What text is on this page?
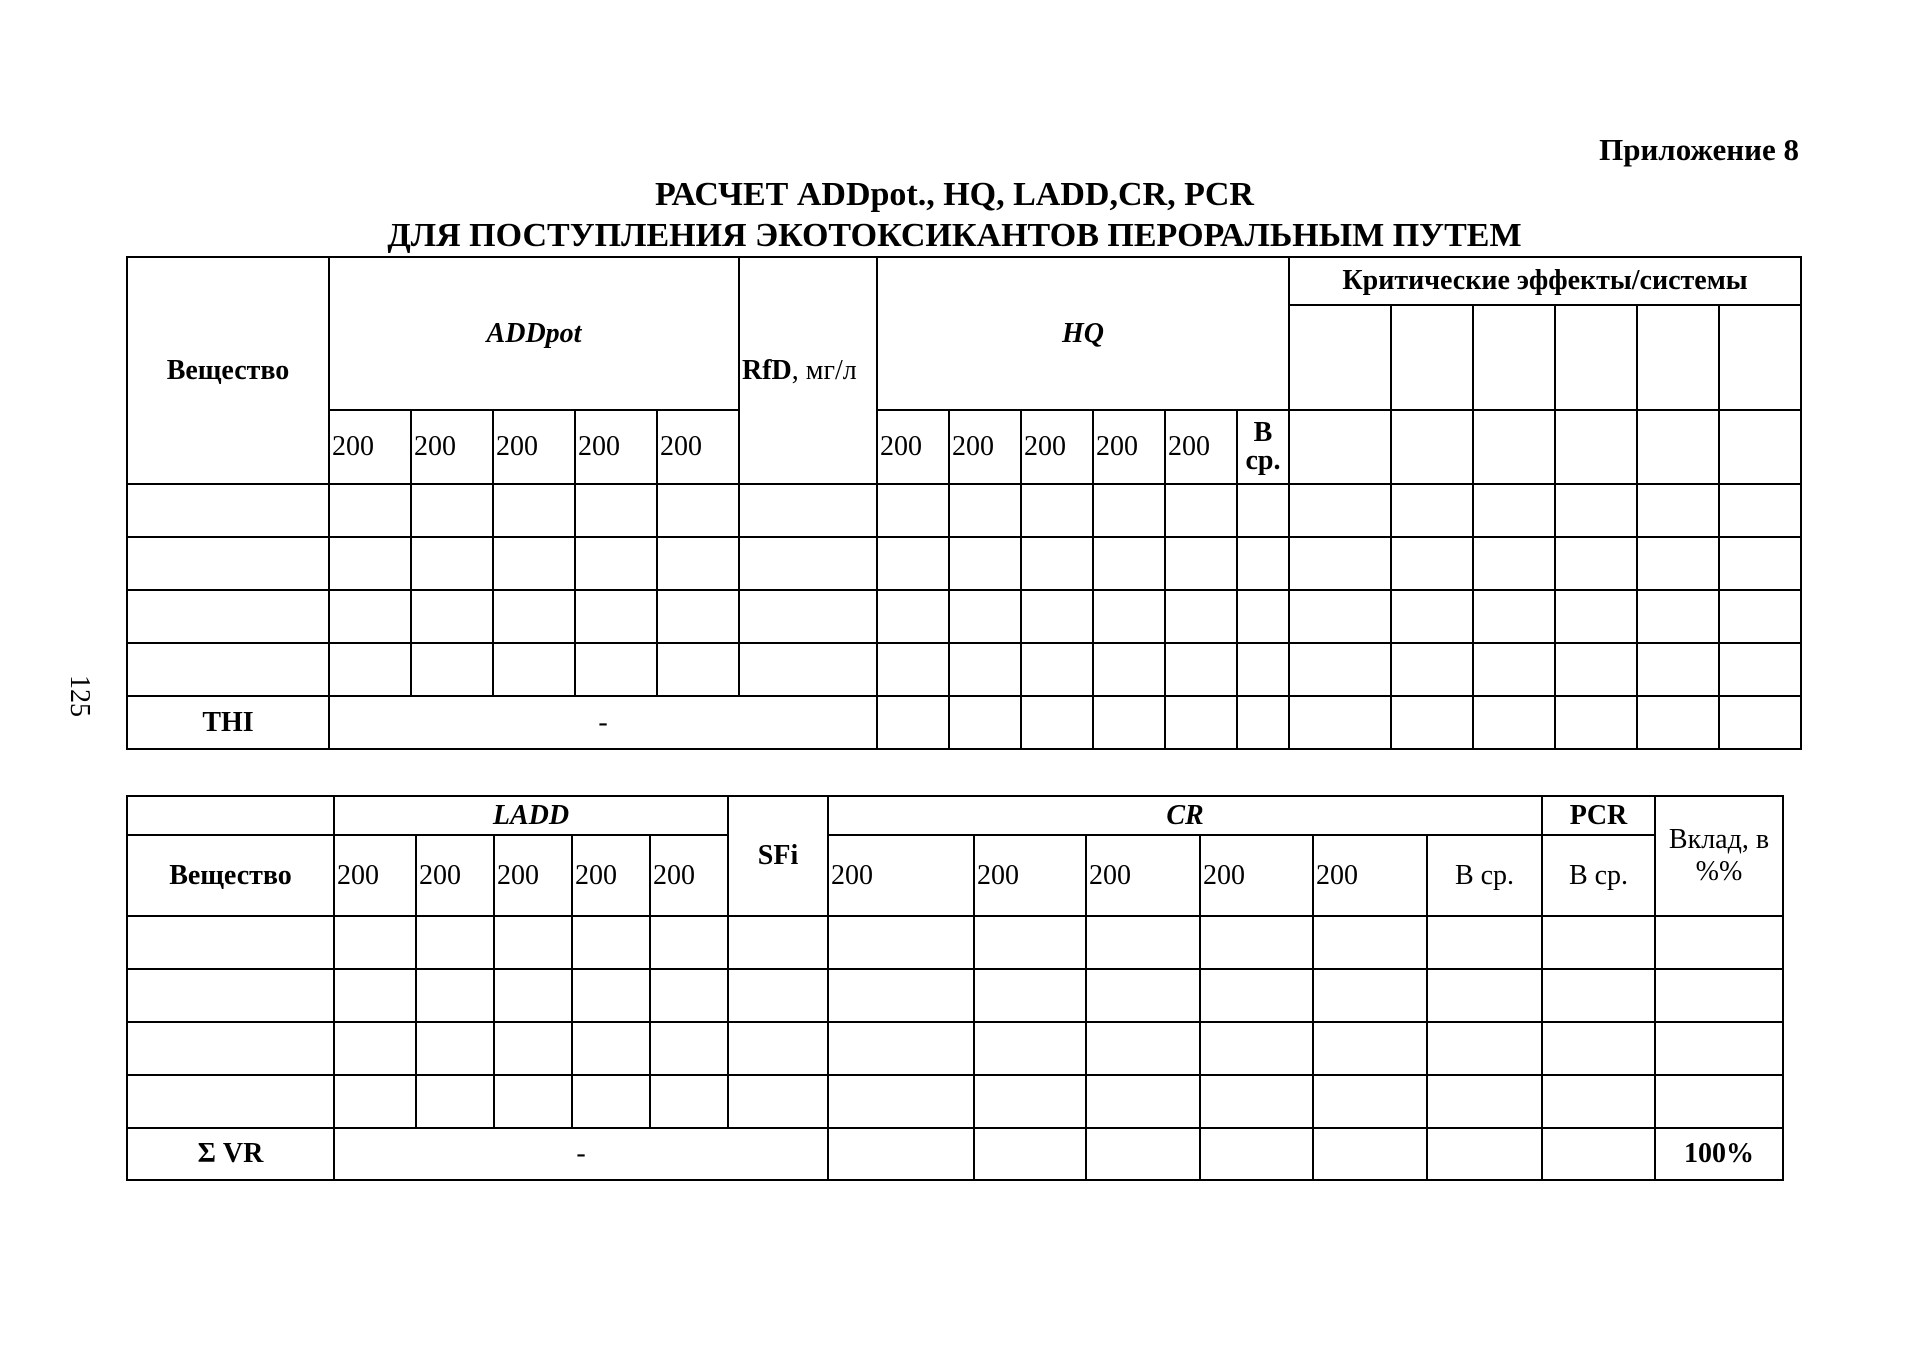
Приложение 8
РАСЧЕТ ADDpot., HQ, LADD,CR, PCR
ДЛЯ ПОСТУПЛЕНИЯ ЭКОТОКСИКАНТОВ ПЕРОРАЛЬНЫМ ПУТЕМ
125
Вещество	ADDpot					RfD, мг/л	HQ						Критические эффекты/системы					

	200	200	200	200	200		200	200	200	200	200	В ср.						

THI	-																	
	LADD					SFi	CR						PCR	Вклад, в %%
Вещество	200	200	200	200	200		200	200	200	200	200	В ср.	В ср.	

Σ VR	-													100%
